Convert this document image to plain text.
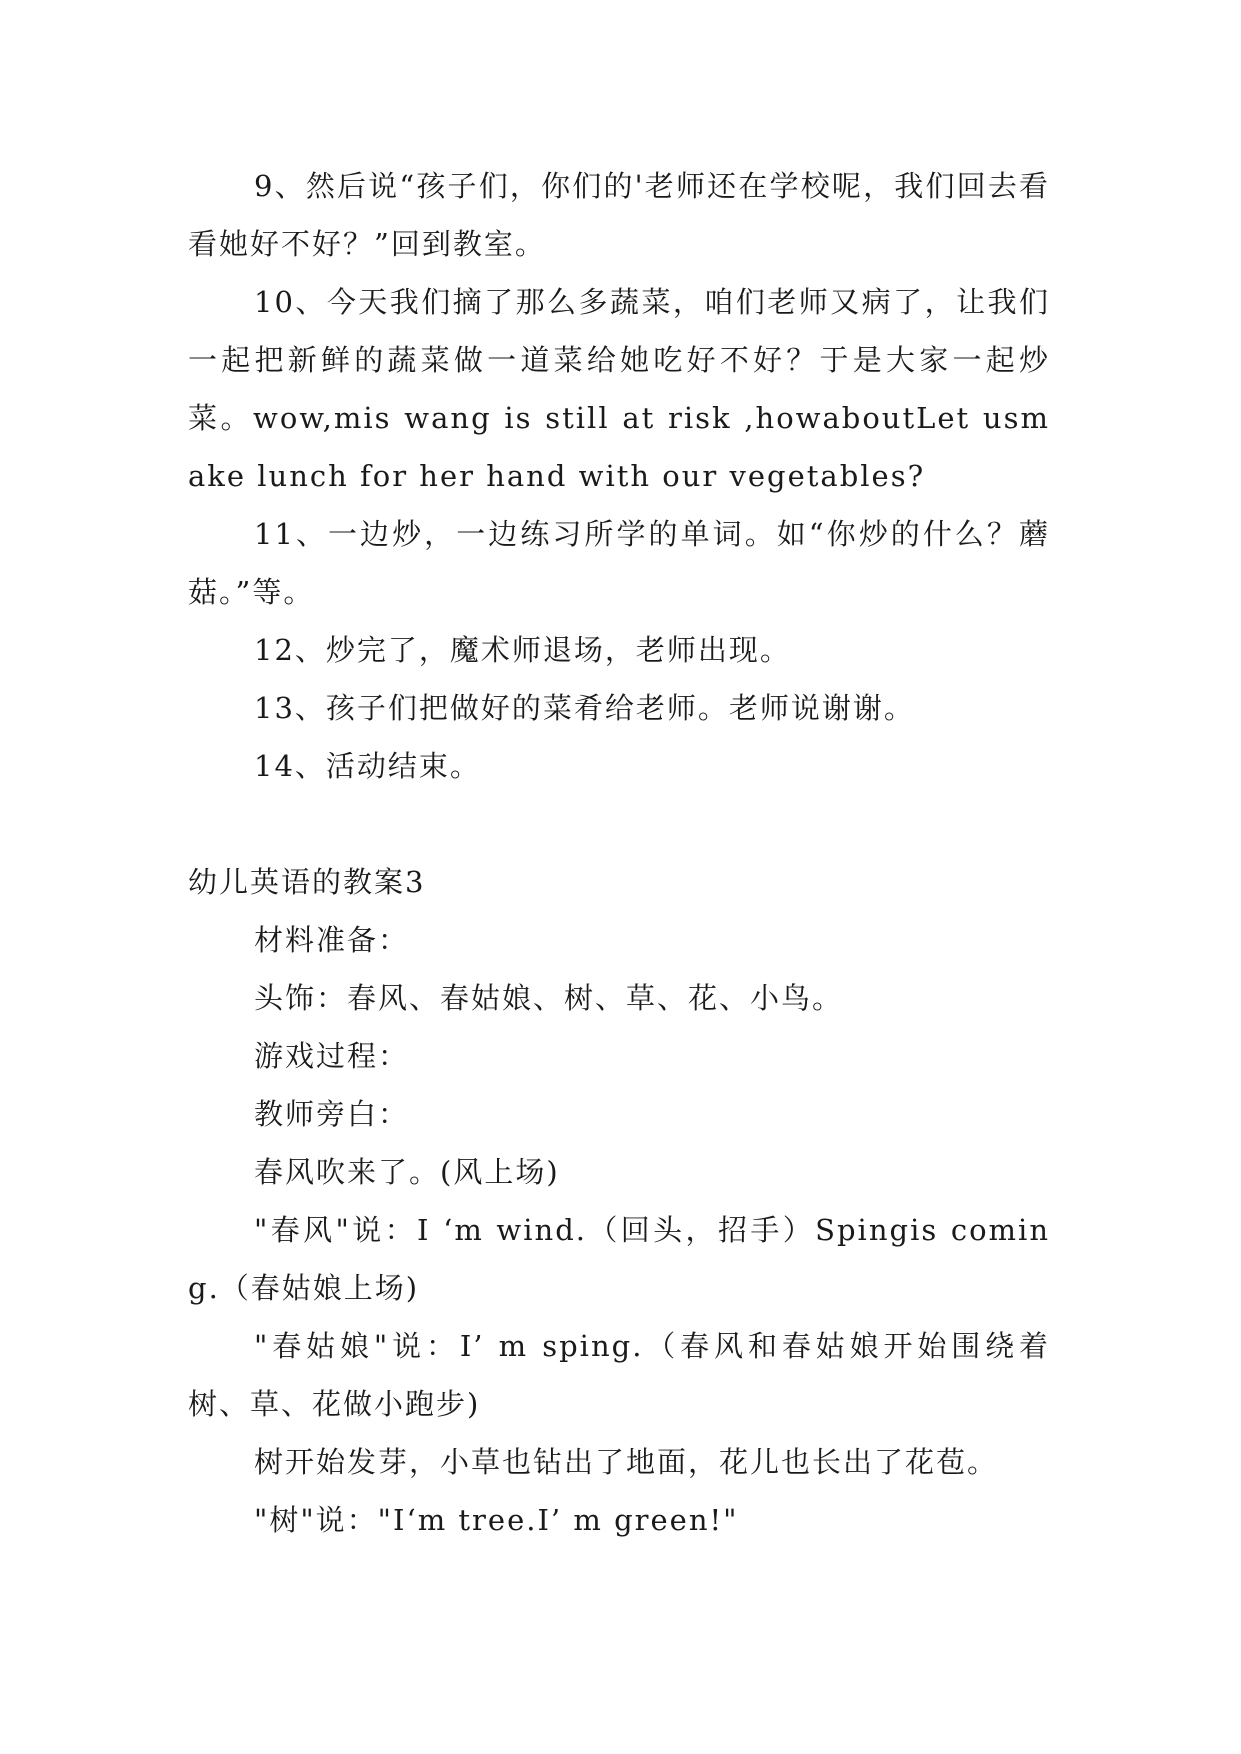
9、然后说“孩子们，你们的'老师还在学校呢，我们回去看看她好不好？”回到教室。

10、今天我们摘了那么多蔬菜，咱们老师又病了，让我们一起把新鲜的蔬菜做一道菜给她吃好不好？于是大家一起炒菜。wow,mis wang is still at risk ,howaboutLet usmake lunch for her hand with our vegetables?

11、一边炒，一边练习所学的单词。如“你炒的什么？蘑菇。”等。

12、炒完了，魔术师退场，老师出现。

13、孩子们把做好的菜肴给老师。老师说谢谢。

14、活动结束。

幼儿英语的教案3

材料准备：

头饰：春风、春姑娘、树、草、花、小鸟。

游戏过程：

教师旁白：

春风吹来了。(风上场)

"春风"说：I ‘m wind.（回头，招手）Spingis coming.（春姑娘上场)

"春姑娘"说：I’ m sping.（春风和春姑娘开始围绕着树、草、花做小跑步)

树开始发芽，小草也钻出了地面，花儿也长出了花苞。

"树"说："I‘m tree.I’ m green!"
